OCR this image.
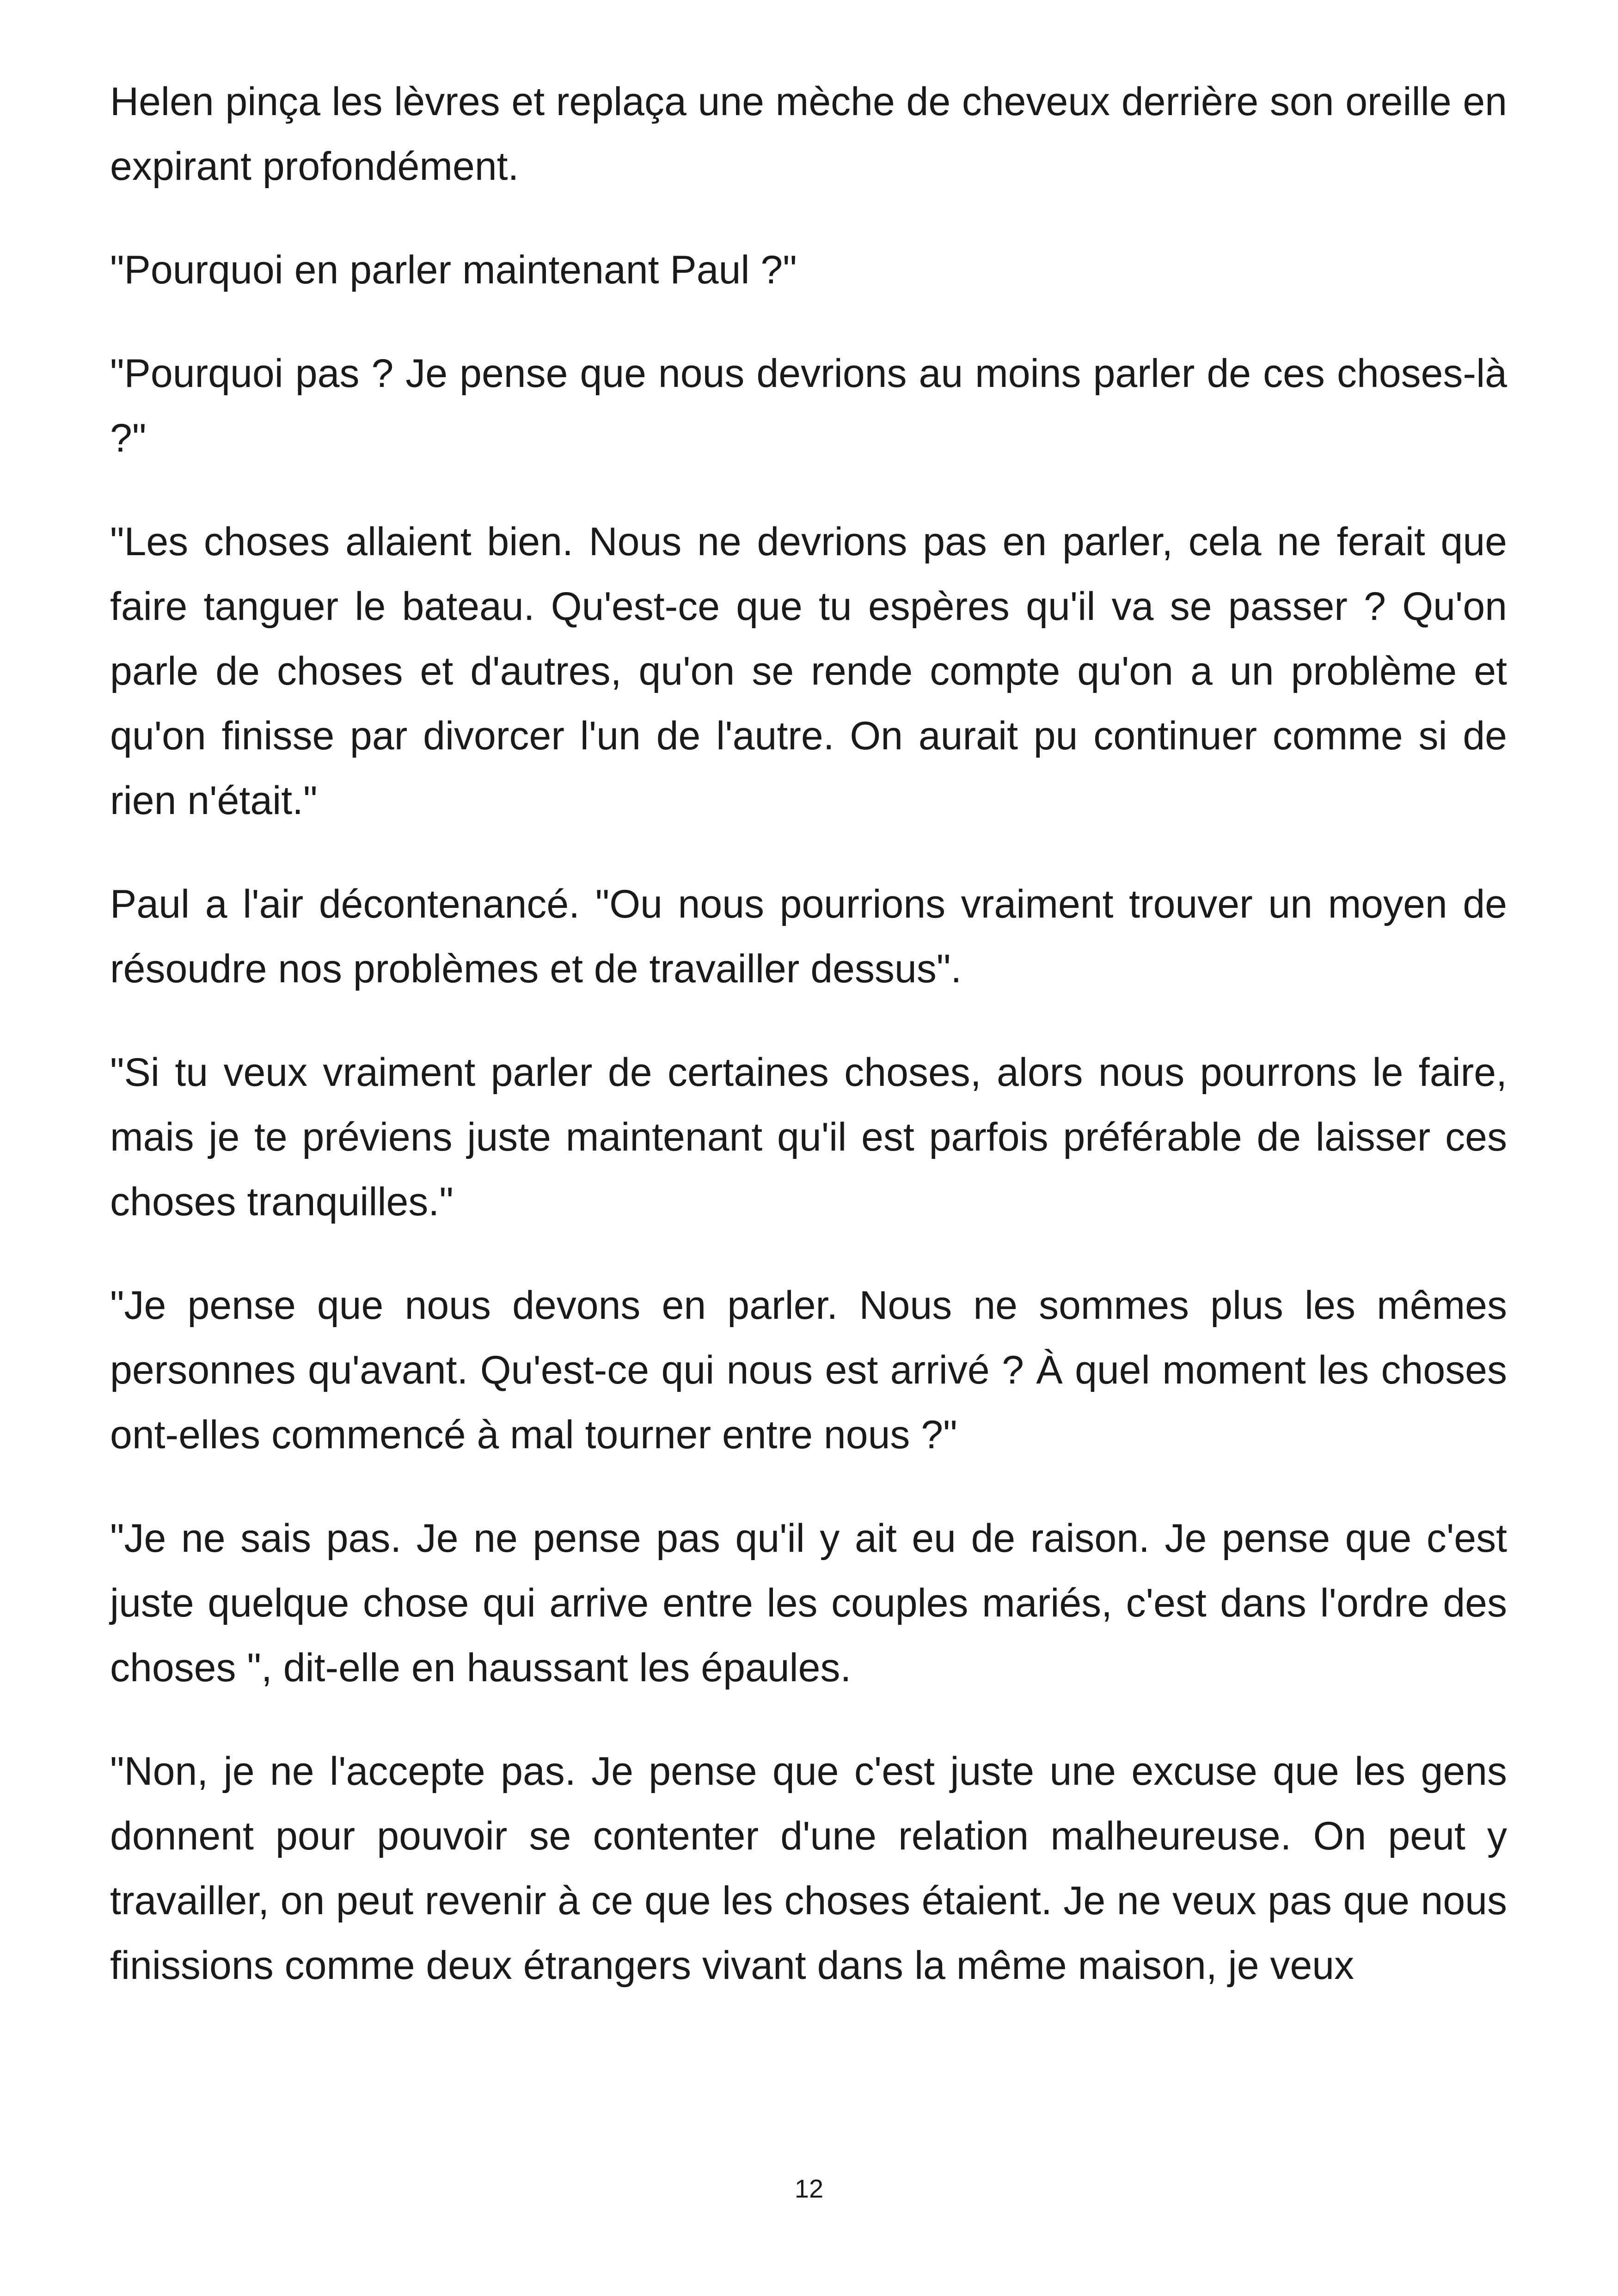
Helen pinça les lèvres et replaça une mèche de cheveux derrière son oreille en expirant profondément.

"Pourquoi en parler maintenant Paul ?"

"Pourquoi pas ? Je pense que nous devrions au moins parler de ces choses-là ?"

"Les choses allaient bien. Nous ne devrions pas en parler, cela ne ferait que faire tanguer le bateau. Qu'est-ce que tu espères qu'il va se passer ? Qu'on parle de choses et d'autres, qu'on se rende compte qu'on a un problème et qu'on finisse par divorcer l'un de l'autre. On aurait pu continuer comme si de rien n'était."

Paul a l'air décontenancé. "Ou nous pourrions vraiment trouver un moyen de résoudre nos problèmes et de travailler dessus".

"Si tu veux vraiment parler de certaines choses, alors nous pourrons le faire, mais je te préviens juste maintenant qu'il est parfois préférable de laisser ces choses tranquilles."

"Je pense que nous devons en parler. Nous ne sommes plus les mêmes personnes qu'avant. Qu'est-ce qui nous est arrivé ? À quel moment les choses ont-elles commencé à mal tourner entre nous ?"

"Je ne sais pas. Je ne pense pas qu'il y ait eu de raison. Je pense que c'est juste quelque chose qui arrive entre les couples mariés, c'est dans l'ordre des choses ", dit-elle en haussant les épaules.

"Non, je ne l'accepte pas. Je pense que c'est juste une excuse que les gens donnent pour pouvoir se contenter d'une relation malheureuse. On peut y travailler, on peut revenir à ce que les choses étaient. Je ne veux pas que nous finissions comme deux étrangers vivant dans la même maison, je veux

12
